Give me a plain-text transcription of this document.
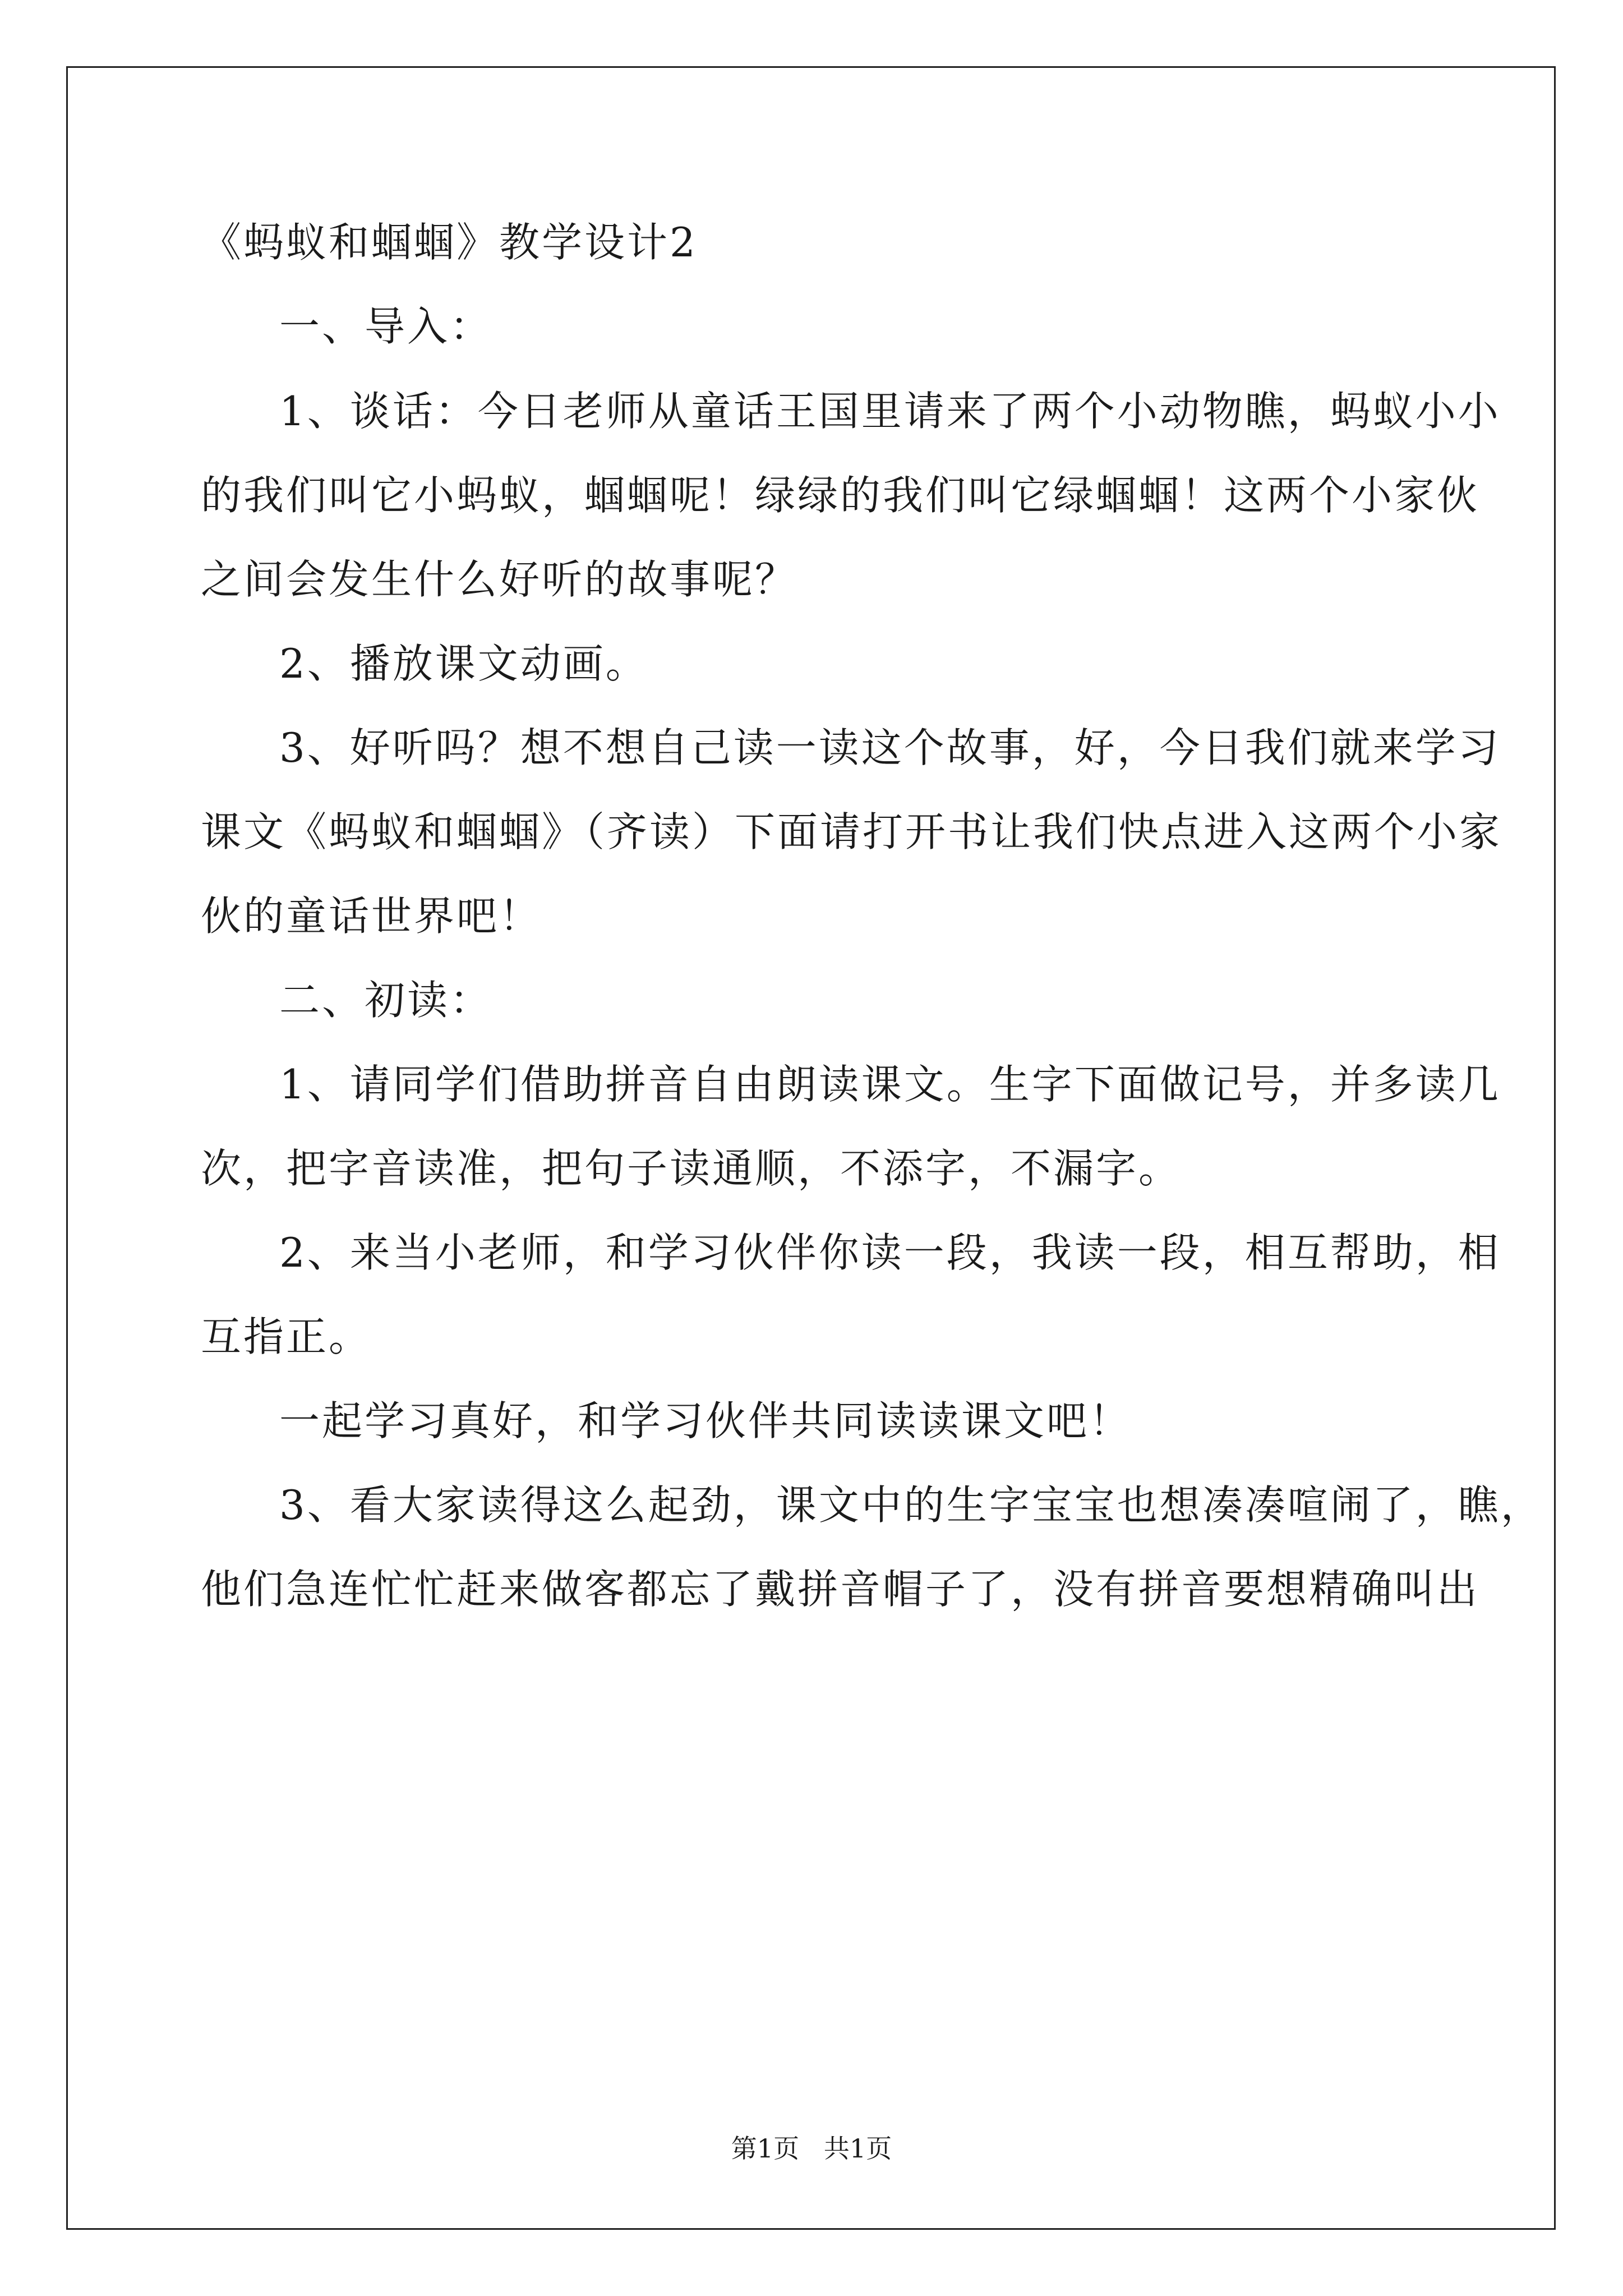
《蚂蚁和蝈蝈》教学设计2
一、导入：
1、谈话：今日老师从童话王国里请来了两个小动物瞧，蚂蚁小小
的我们叫它小蚂蚁，蝈蝈呢！绿绿的我们叫它绿蝈蝈！这两个小家伙
之间会发生什么好听的故事呢？
2、播放课文动画。
3、好听吗？想不想自己读一读这个故事，好，今日我们就来学习
课文《蚂蚁和蝈蝈》（齐读）下面请打开书让我们快点进入这两个小家
伙的童话世界吧！
二、初读：
1、请同学们借助拼音自由朗读课文。生字下面做记号，并多读几
次，把字音读准，把句子读通顺，不添字，不漏字。
2、来当小老师，和学习伙伴你读一段，我读一段，相互帮助，相
互指正。
一起学习真好，和学习伙伴共同读读课文吧！
3、看大家读得这么起劲，课文中的生字宝宝也想凑凑喧闹了，瞧，
他们急连忙忙赶来做客都忘了戴拼音帽子了，没有拼音要想精确叫出
第1页   共1页
